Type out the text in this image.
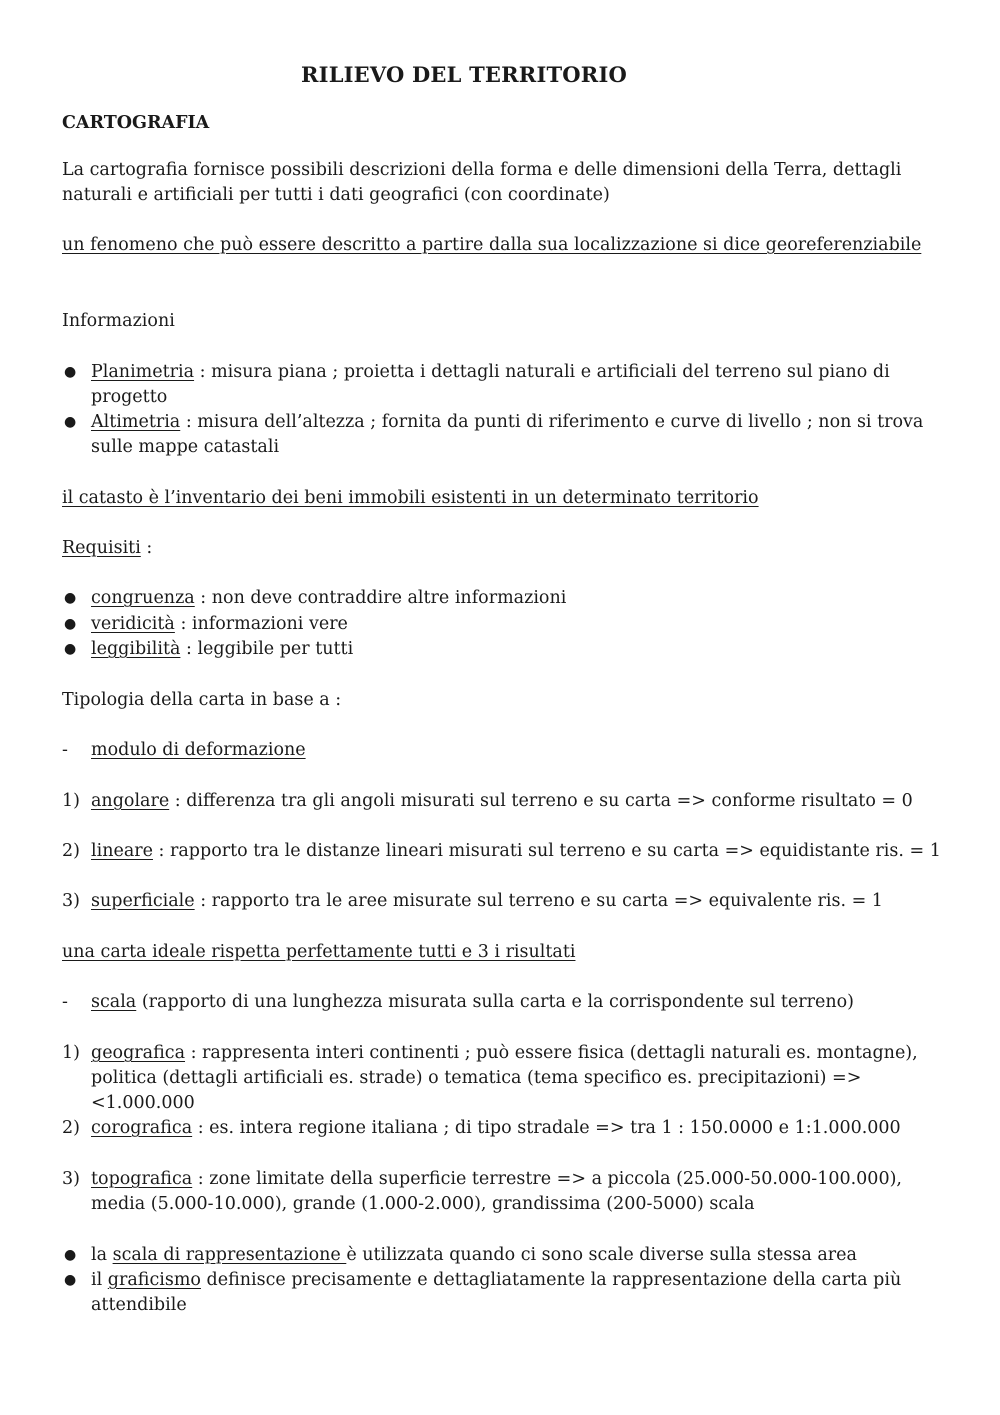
RILIEVO DEL TERRITORIO
CARTOGRAFIA

La cartografia fornisce possibili descrizioni della forma e delle dimensioni della Terra, dettagli naturali e artificiali per tutti i dati geografici (con coordinate)

un fenomeno che può essere descritto a partire dalla sua localizzazione si dice georeferenziabile

Informazioni

● Planimetria : misura piana ; proietta i dettagli naturali e artificiali del terreno sul piano di progetto
● Altimetria : misura dell’altezza ; fornita da punti di riferimento e curve di livello ; non si trova sulle mappe catastali

il catasto è l’inventario dei beni immobili esistenti in un determinato territorio

Requisiti :

● congruenza : non deve contraddire altre informazioni
● veridicità : informazioni vere
● leggibilità : leggibile per tutti

Tipologia della carta in base a :

-	modulo di deformazione
1) angolare : differenza tra gli angoli misurati sul terreno e su carta => conforme risultato = 0
2) lineare : rapporto tra le distanze lineari misurati sul terreno e su carta => equidistante ris. = 1
3) superficiale : rapporto tra le aree misurate sul terreno e su carta => equivalente ris. = 1

una carta ideale rispetta perfettamente tutti e 3 i risultati

-	scala (rapporto di una lunghezza misurata sulla carta e la corrispondente sul terreno)
1) geografica : rappresenta interi continenti ; può essere fisica (dettagli naturali es. montagne), politica (dettagli artificiali es. strade) o tematica (tema specifico es. precipitazioni) => <1.000.000
2) corografica : es. intera regione italiana ; di tipo stradale => tra 1 : 150.0000 e 1:1.000.000
3) topografica : zone limitate della superficie terrestre => a piccola (25.000-50.000-100.000), media (5.000-10.000), grande (1.000-2.000), grandissima (200-5000) scala
● la scala di rappresentazione è utilizzata quando ci sono scale diverse sulla stessa area
● il graficismo definisce precisamente e dettagliatamente la rappresentazione della carta più attendibile
